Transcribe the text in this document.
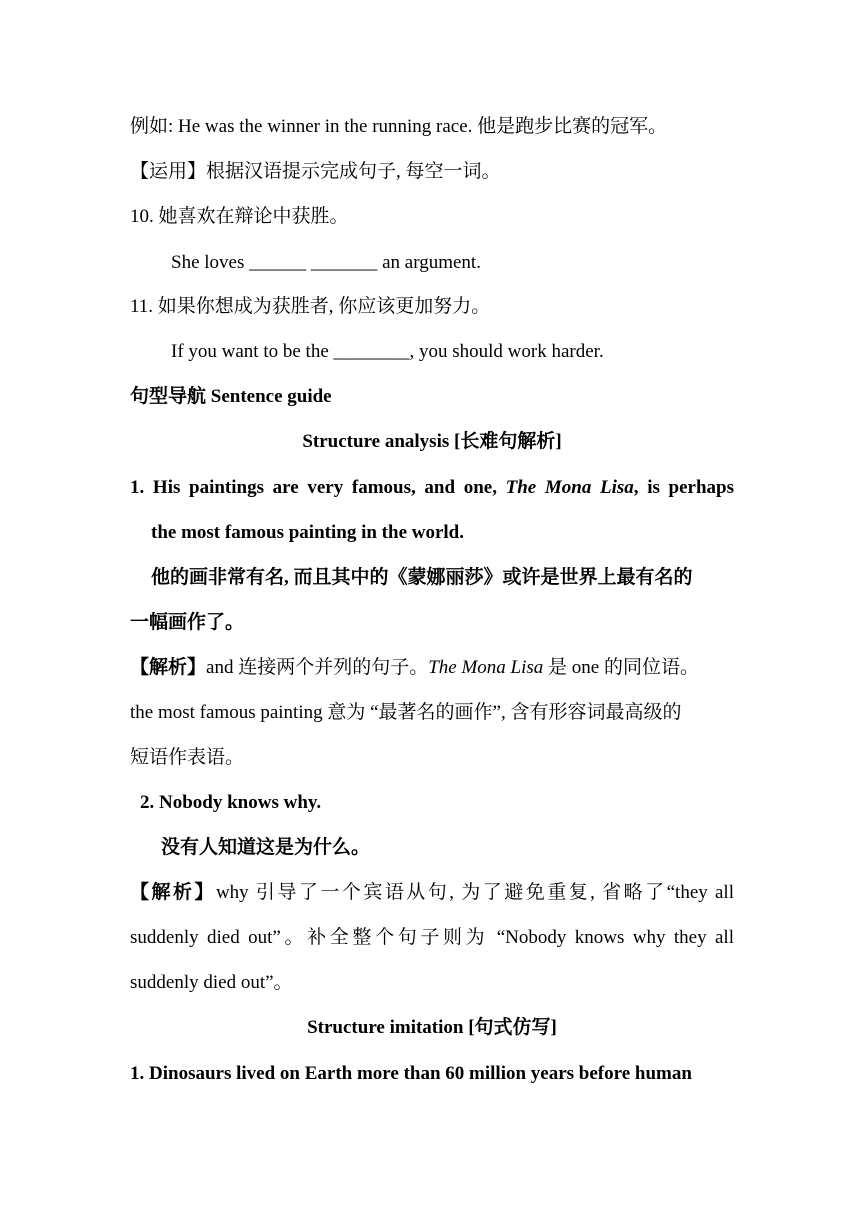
例如: He was the winner in the running race. 他是跑步比赛的冠军。
【运用】根据汉语提示完成句子, 每空一词。
10. 她喜欢在辩论中获胜。
She loves ______ _______ an argument.
11. 如果你想成为获胜者, 你应该更加努力。
If you want to be the ________, you should work harder.
句型导航 Sentence guide
Structure analysis [长难句解析]
1. His paintings are very famous, and one, The Mona Lisa, is perhaps
the most famous painting in the world.
他的画非常有名, 而且其中的《蒙娜丽莎》或许是世界上最有名的
一幅画作了。
【解析】and 连接两个并列的句子。The Mona Lisa 是 one 的同位语。
the most famous painting 意为 “最著名的画作”, 含有形容词最高级的
短语作表语。
2. Nobody knows why.
没有人知道这是为什么。
【解析】why 引导了一个宾语从句, 为了避免重复, 省略了“they all
suddenly died out”。补全整个句子则为 “Nobody knows why they all
suddenly died out”。
Structure imitation [句式仿写]
1. Dinosaurs lived on Earth more than 60 million years before human
